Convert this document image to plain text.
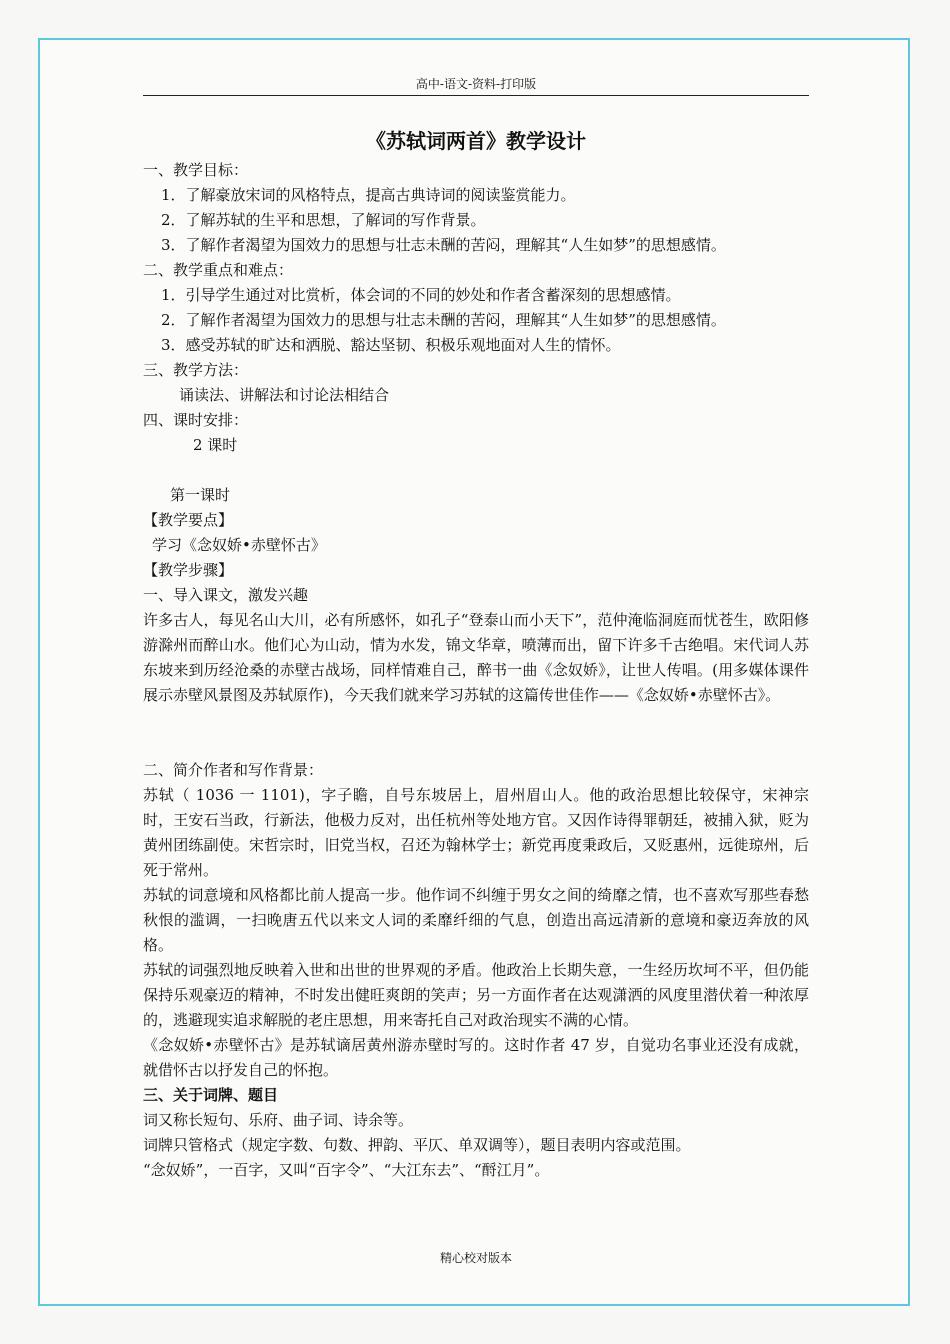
高中-语文-资料-打印版
《苏轼词两首》教学设计
一、教学目标：
1．了解豪放宋词的风格特点，提高古典诗词的阅读鉴赏能力。
2．了解苏轼的生平和思想，了解词的写作背景。
3．了解作者渴望为国效力的思想与壮志未酬的苦闷，理解其“人生如梦”的思想感情。
二、教学重点和难点：
1．引导学生通过对比赏析，体会词的不同的妙处和作者含蓄深刻的思想感情。
2．了解作者渴望为国效力的思想与壮志未酬的苦闷，理解其“人生如梦”的思想感情。
3．感受苏轼的旷达和洒脱、豁达坚韧、积极乐观地面对人生的情怀。
三、教学方法：
诵读法、讲解法和讨论法相结合
四、课时安排：
2 课时
第一课时
【教学要点】
学习《念奴娇•赤壁怀古》
【教学步骤】
一、导入课文，激发兴趣
许多古人，每见名山大川，必有所感怀，如孔子“登泰山而小天下”，范仲淹临洞庭而忧苍生，欧阳修游滁州而醉山水。他们心为山动，情为水发，锦文华章，喷薄而出，留下许多千古绝唱。宋代词人苏东坡来到历经沧桑的赤壁古战场，同样情难自己，醉书一曲《念奴娇》，让世人传唱。(用多媒体课件展示赤壁风景图及苏轼原作)，今天我们就来学习苏轼的这篇传世佳作——《念奴娇•赤壁怀古》。
二、简介作者和写作背景：
苏轼（ 1036 一 1101)，字子瞻，自号东坡居上，眉州眉山人。他的政治思想比较保守，宋神宗时，王安石当政，行新法，他极力反对，出任杭州等处地方官。又因作诗得罪朝廷，被捕入狱，贬为黄州团练副使。宋哲宗时，旧党当权，召还为翰林学士；新党再度秉政后，又贬惠州，远徙琼州，后死于常州。
苏轼的词意境和风格都比前人提高一步。他作词不纠缠于男女之间的绮靡之情，也不喜欢写那些春愁秋恨的滥调，一扫晚唐五代以来文人词的柔靡纤细的气息，创造出高远清新的意境和豪迈奔放的风格。
苏轼的词强烈地反映着入世和出世的世界观的矛盾。他政治上长期失意，一生经历坎坷不平，但仍能保持乐观豪迈的精神，不时发出健旺爽朗的笑声；另一方面作者在达观潇洒的风度里潜伏着一种浓厚的，逃避现实追求解脱的老庄思想，用来寄托自己对政治现实不满的心情。
《念奴娇•赤壁怀古》是苏轼谪居黄州游赤壁时写的。这时作者 47 岁，自觉功名事业还没有成就，就借怀古以抒发自己的怀抱。
三、关于词牌、题目
词又称长短句、乐府、曲子词、诗余等。
词牌只管格式（规定字数、句数、押韵、平仄、单双调等），题目表明内容或范围。
“念奴娇”，一百字，又叫“百字令”、“大江东去”、“酹江月”。
精心校对版本
